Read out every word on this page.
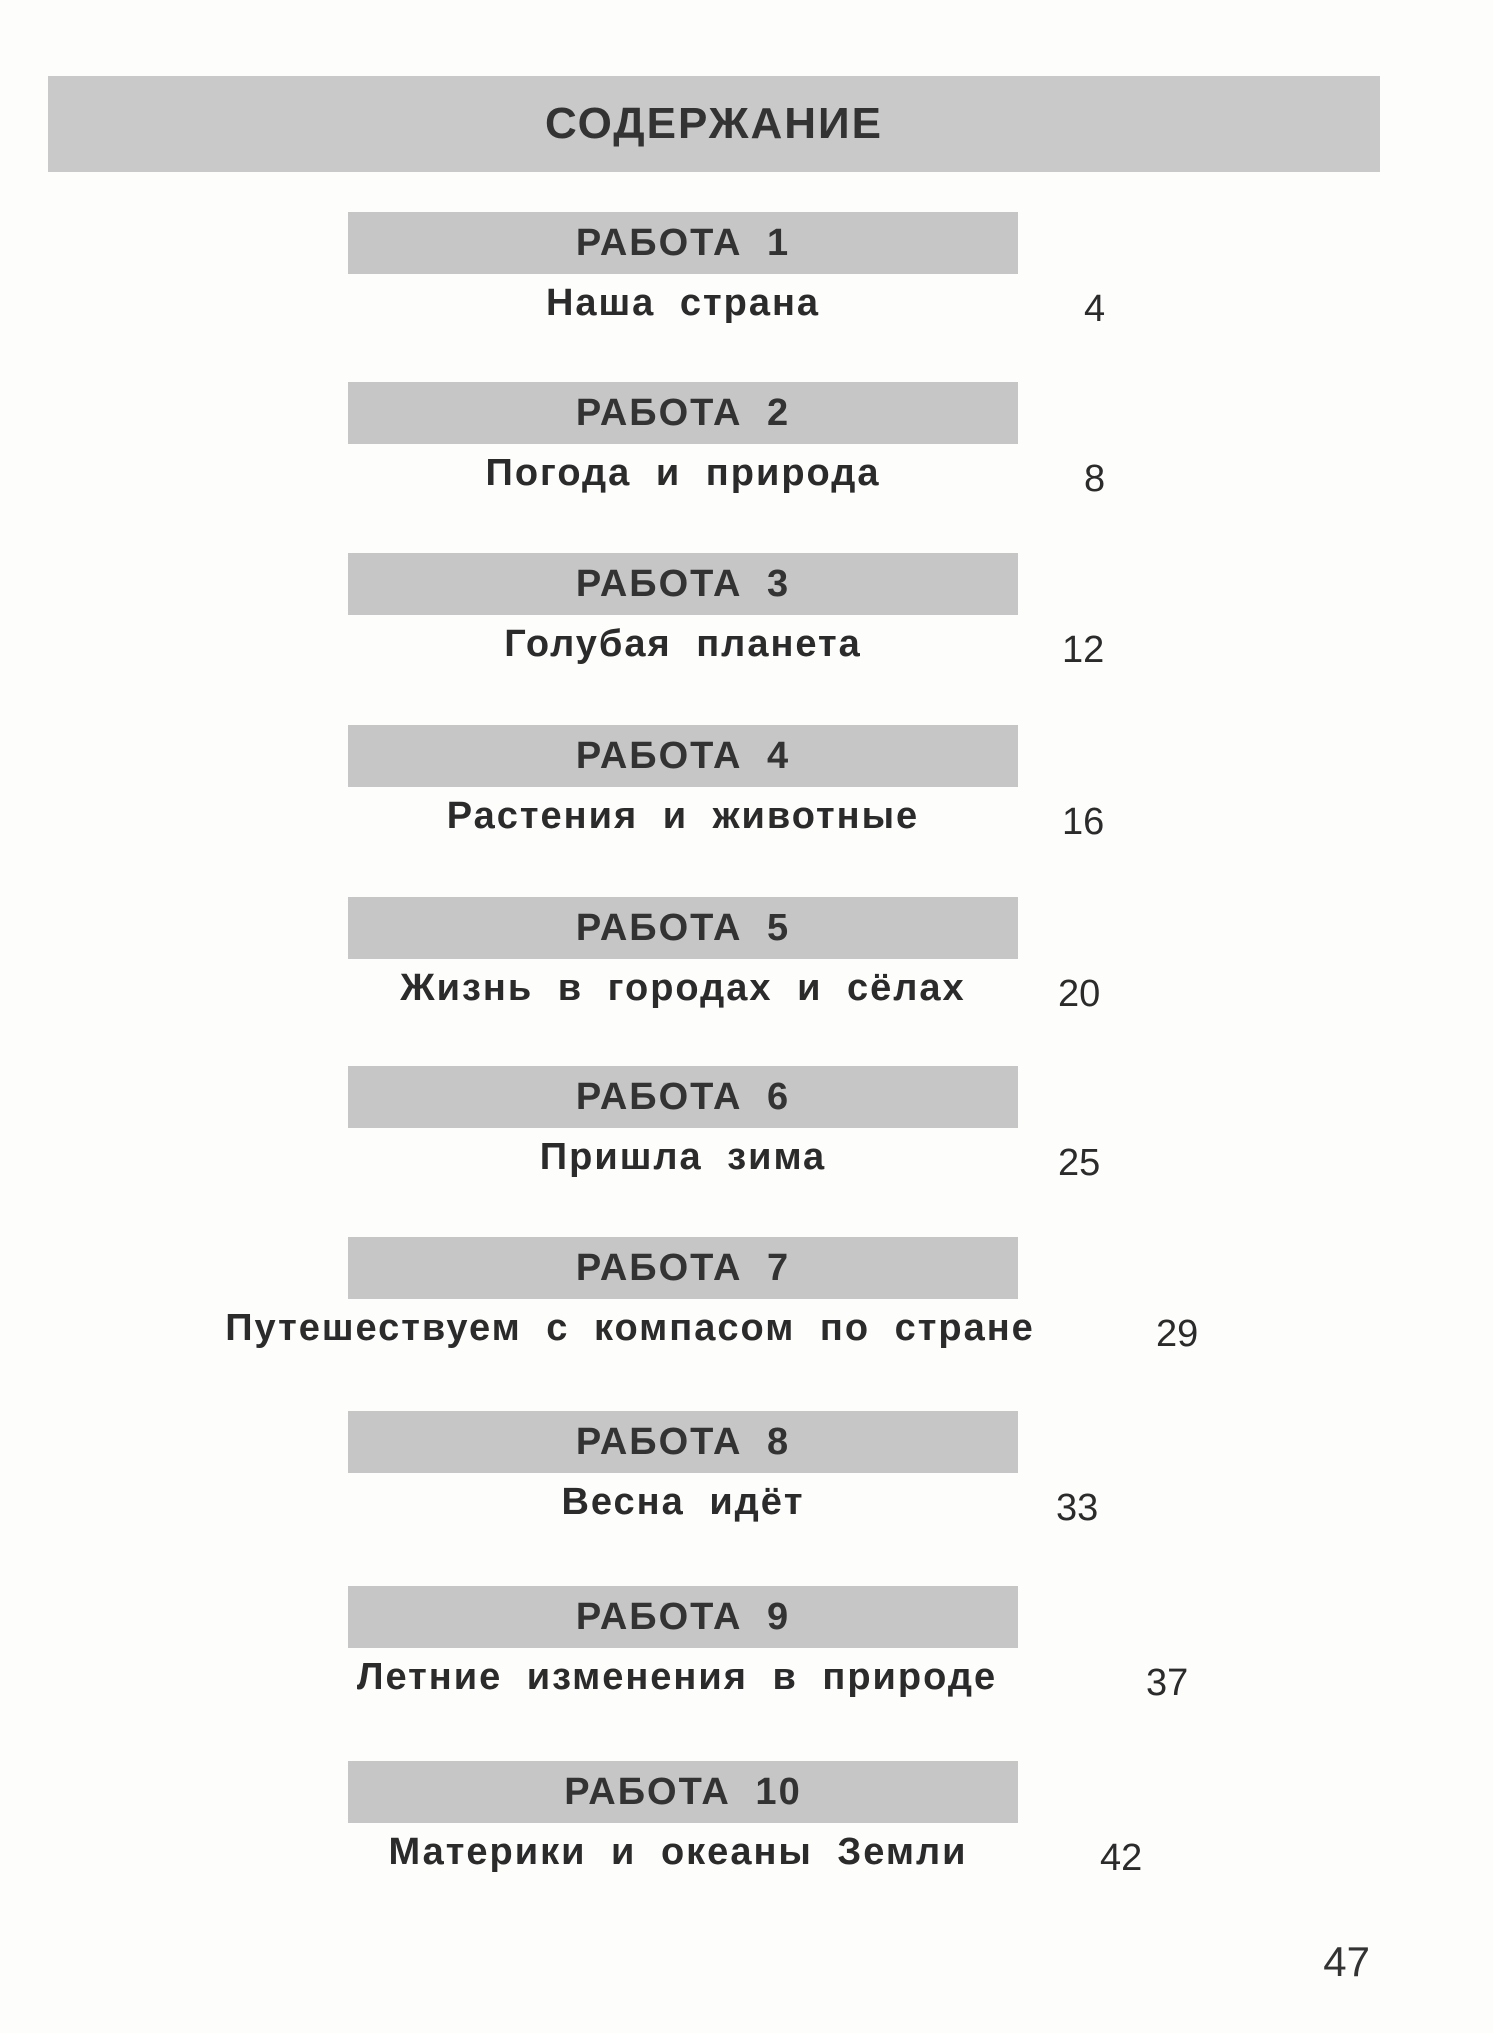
СОДЕРЖАНИЕ
РАБОТА 1
Наша страна	4
РАБОТА 2
Погода и природа	8
РАБОТА 3
Голубая планета	12
РАБОТА 4
Растения и животные	16
РАБОТА 5
Жизнь в городах и сёлах 20
РАБОТА 6
Пришла зима	25
РАБОТА 7
Путешествуем с компасом по стране	29
РАБОТА 8
Весна идёт	33
РАБОТА 9
Летние изменения в природе	37
РАБОТА 10
Материки и океаны Земли	42
47
